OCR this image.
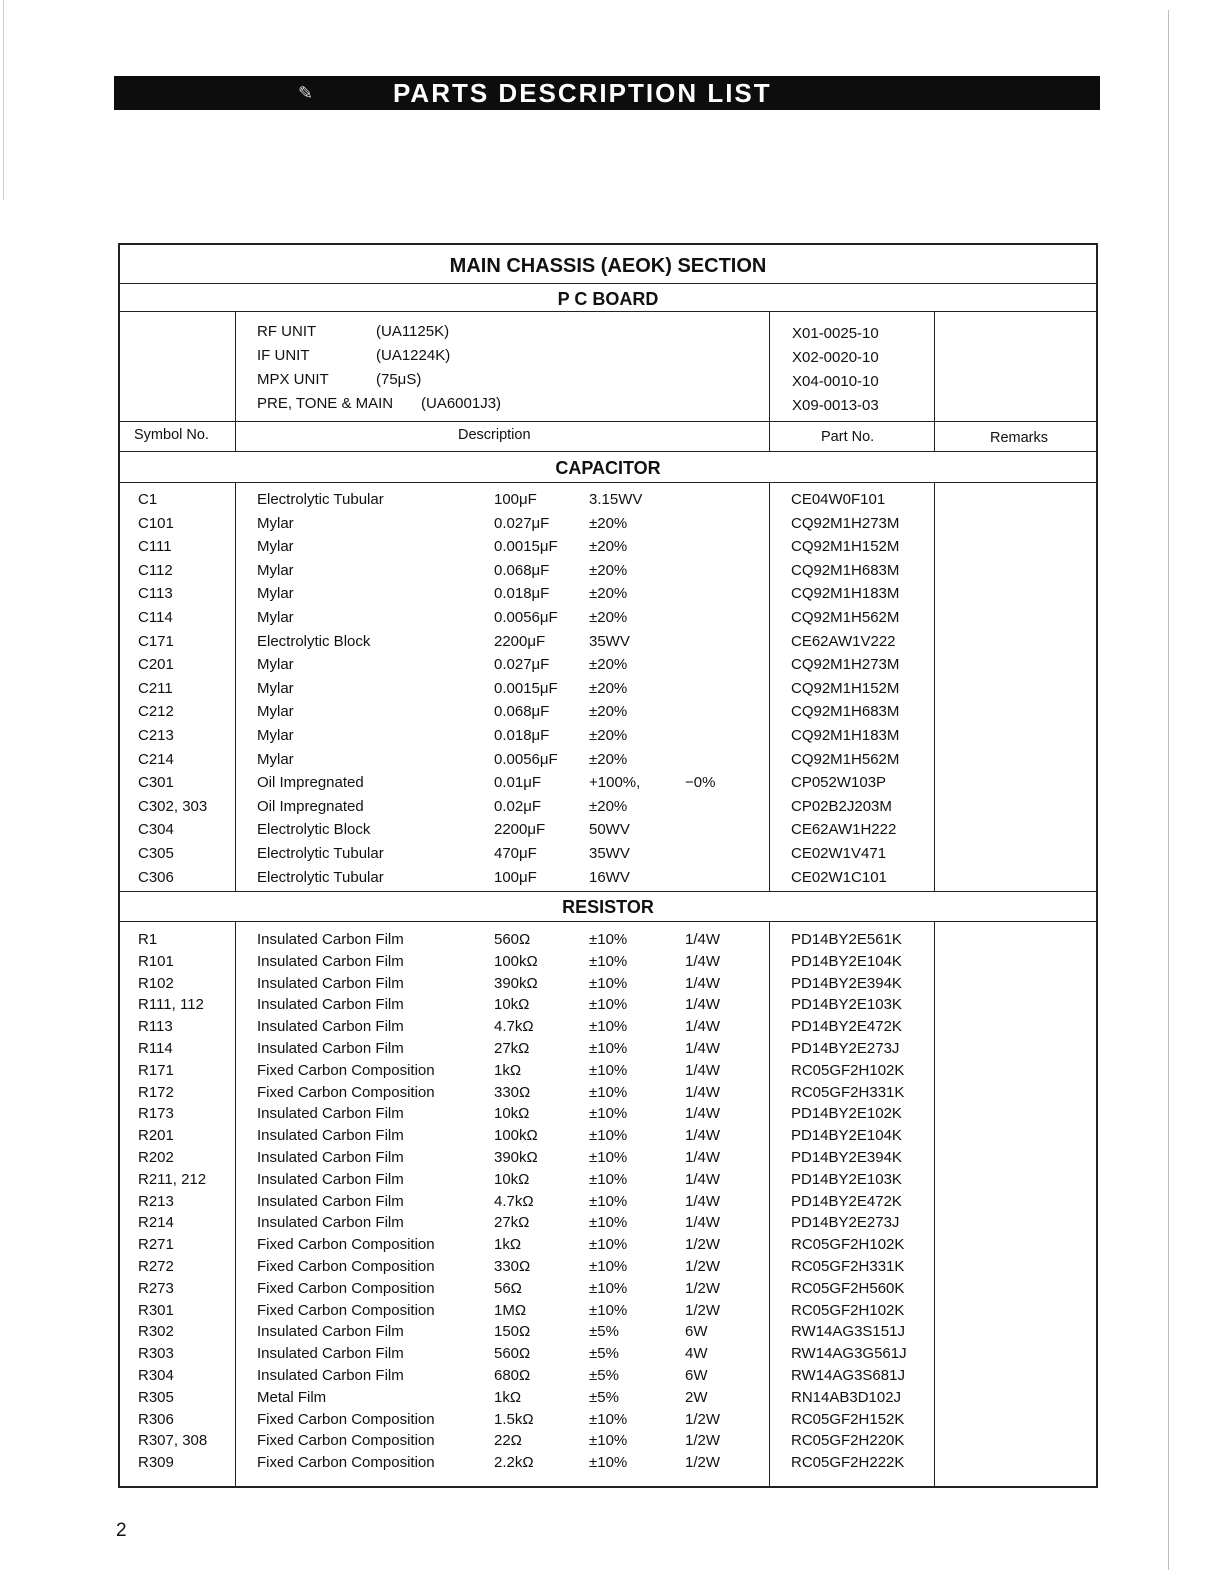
✎	PARTS DESCRIPTION LIST
MAIN CHASSIS (AEOK) SECTION
P C BOARD
RF UNIT	(UA1125K)	X01-0025-10
IF UNIT	(UA1224K)	X02-0020-10
MPX UNIT	(75μS)	X04-0010-10
PRE, TONE & MAIN (UA6001J3)	X09-0013-03
Symbol No.	Description	Part No.	Remarks
CAPACITOR
C1	Electrolytic Tubular	100μF	3.15WV	CE04W0F101
C101	Mylar	0.027μF	±20%	CQ92M1H273M
C111	Mylar	0.0015μF ±20%	CQ92M1H152M
C112	Mylar	0.068μF	±20%	CQ92M1H683M
C113	Mylar	0.018μF	±20%	CQ92M1H183M
C114	Mylar	0.0056μF ±20%	CQ92M1H562M
C171	Electrolytic Block	2200μF	35WV	CE62AW1V222
C201	Mylar	0.027μF	±20%	CQ92M1H273M
C211	Mylar	0.0015μF ±20%	CQ92M1H152M
C212	Mylar	0.068μF	±20%	CQ92M1H683M
C213	Mylar	0.018μF	±20%	CQ92M1H183M
C214	Mylar	0.0056μF ±20%	CQ92M1H562M
C301	Oil Impregnated	0.01μF	+100%,	−0%	CP052W103P
C302, 303	Oil Impregnated	0.02μF	±20%	CP02B2J203M
C304	Electrolytic Block	2200μF	50WV	CE62AW1H222
C305	Electrolytic Tubular	470μF	35WV	CE02W1V471
C306	Electrolytic Tubular	100μF	16WV	CE02W1C101
RESISTOR
R1	Insulated Carbon Film	560Ω	±10%	1/4W	PD14BY2E561K
R101	Insulated Carbon Film	100kΩ	±10%	1/4W	PD14BY2E104K
R102	Insulated Carbon Film	390kΩ	±10%	1/4W	PD14BY2E394K
R111, 112	Insulated Carbon Film	10kΩ	±10%	1/4W	PD14BY2E103K
R113	Insulated Carbon Film	4.7kΩ	±10%	1/4W	PD14BY2E472K
R114	Insulated Carbon Film	27kΩ	±10%	1/4W	PD14BY2E273J
R171	Fixed Carbon Composition	1kΩ	±10%	1/4W	RC05GF2H102K
R172	Fixed Carbon Composition	330Ω	±10%	1/4W	RC05GF2H331K
R173	Insulated Carbon Film	10kΩ	±10%	1/4W	PD14BY2E102K
R201	Insulated Carbon Film	100kΩ	±10%	1/4W	PD14BY2E104K
R202	Insulated Carbon Film	390kΩ	±10%	1/4W	PD14BY2E394K
R211, 212	Insulated Carbon Film	10kΩ	±10%	1/4W	PD14BY2E103K
R213	Insulated Carbon Film	4.7kΩ	±10%	1/4W	PD14BY2E472K
R214	Insulated Carbon Film	27kΩ	±10%	1/4W	PD14BY2E273J
R271	Fixed Carbon Composition	1kΩ	±10%	1/2W	RC05GF2H102K
R272	Fixed Carbon Composition	330Ω	±10%	1/2W	RC05GF2H331K
R273	Fixed Carbon Composition	56Ω	±10%	1/2W	RC05GF2H560K
R301	Fixed Carbon Composition	1MΩ	±10%	1/2W	RC05GF2H102K
R302	Insulated Carbon Film	150Ω	±5%	6W	RW14AG3S151J
R303	Insulated Carbon Film	560Ω	±5%	4W	RW14AG3G561J
R304	Insulated Carbon Film	680Ω	±5%	6W	RW14AG3S681J
R305	Metal Film	1kΩ	±5%	2W	RN14AB3D102J
R306	Fixed Carbon Composition	1.5kΩ	±10%	1/2W	RC05GF2H152K
R307, 308	Fixed Carbon Composition	22Ω	±10%	1/2W	RC05GF2H220K
R309	Fixed Carbon Composition	2.2kΩ	±10%	1/2W	RC05GF2H222K
2
